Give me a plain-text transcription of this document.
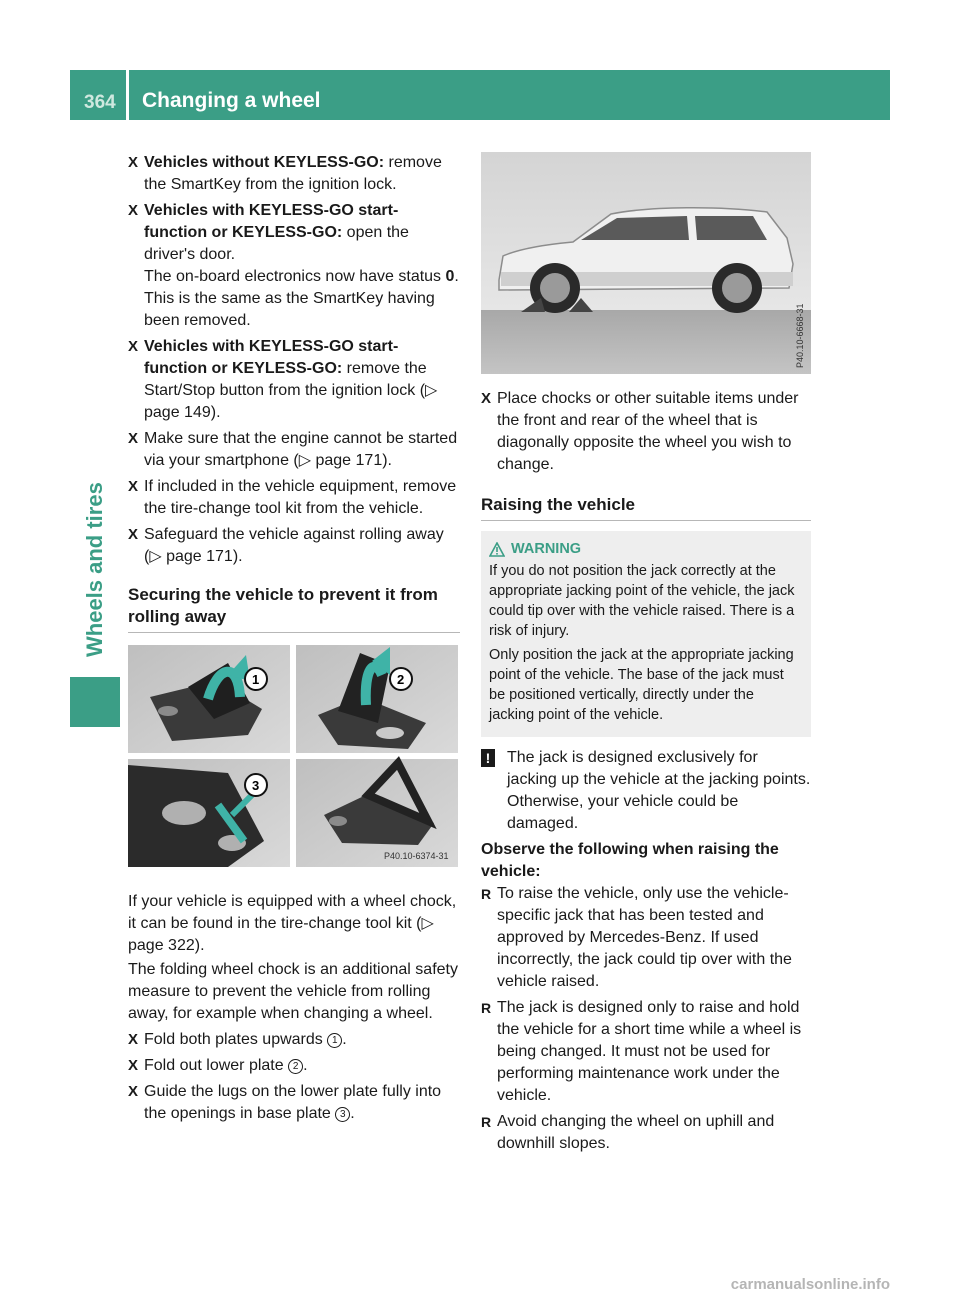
364 Changing a wheel
Wheels and tires
X Vehicles without KEYLESS-GO: remove the SmartKey from the ignition lock.
X Vehicles with KEYLESS-GO start-function or KEYLESS-GO: open the driver's door.
The on-board electronics now have status 0. This is the same as the SmartKey having been removed.
X Vehicles with KEYLESS-GO start-function or KEYLESS-GO: remove the Start/Stop button from the ignition lock (▷ page 149).
X Make sure that the engine cannot be started via your smartphone (▷ page 171).
X If included in the vehicle equipment, remove the tire-change tool kit from the vehicle.
X Safeguard the vehicle against rolling away (▷ page 171).
Securing the vehicle to prevent it from rolling away
1	2
3
P40.10-6374-31

If your vehicle is equipped with a wheel chock, it can be found in the tire-change tool kit (▷ page 322).

The folding wheel chock is an additional safety measure to prevent the vehicle from rolling away, for example when changing a wheel.

X Fold both plates upwards 1 .
X Fold out lower plate 2 .
X Guide the lugs on the lower plate fully into the openings in base plate 3 .
P40.10-6668-31
X Place chocks or other suitable items under the front and rear of the wheel that is diagonally opposite the wheel you wish to change.
Raising the vehicle
WARNING

If you do not position the jack correctly at the appropriate jacking point of the vehicle, the jack could tip over with the vehicle raised. There is a risk of injury.

Only position the jack at the appropriate jacking point of the vehicle. The base of the jack must be positioned vertically, directly under the jacking point of the vehicle.

! The jack is designed exclusively for jacking up the vehicle at the jacking points. Otherwise, your vehicle could be damaged.
Observe the following when raising the vehicle:
R To raise the vehicle, only use the vehicle-specific jack that has been tested and approved by Mercedes-Benz. If used incorrectly, the jack could tip over with the vehicle raised.
R The jack is designed only to raise and hold the vehicle for a short time while a wheel is being changed. It must not be used for performing maintenance work under the vehicle.
R Avoid changing the wheel on uphill and downhill slopes.
carmanualsonline.info
